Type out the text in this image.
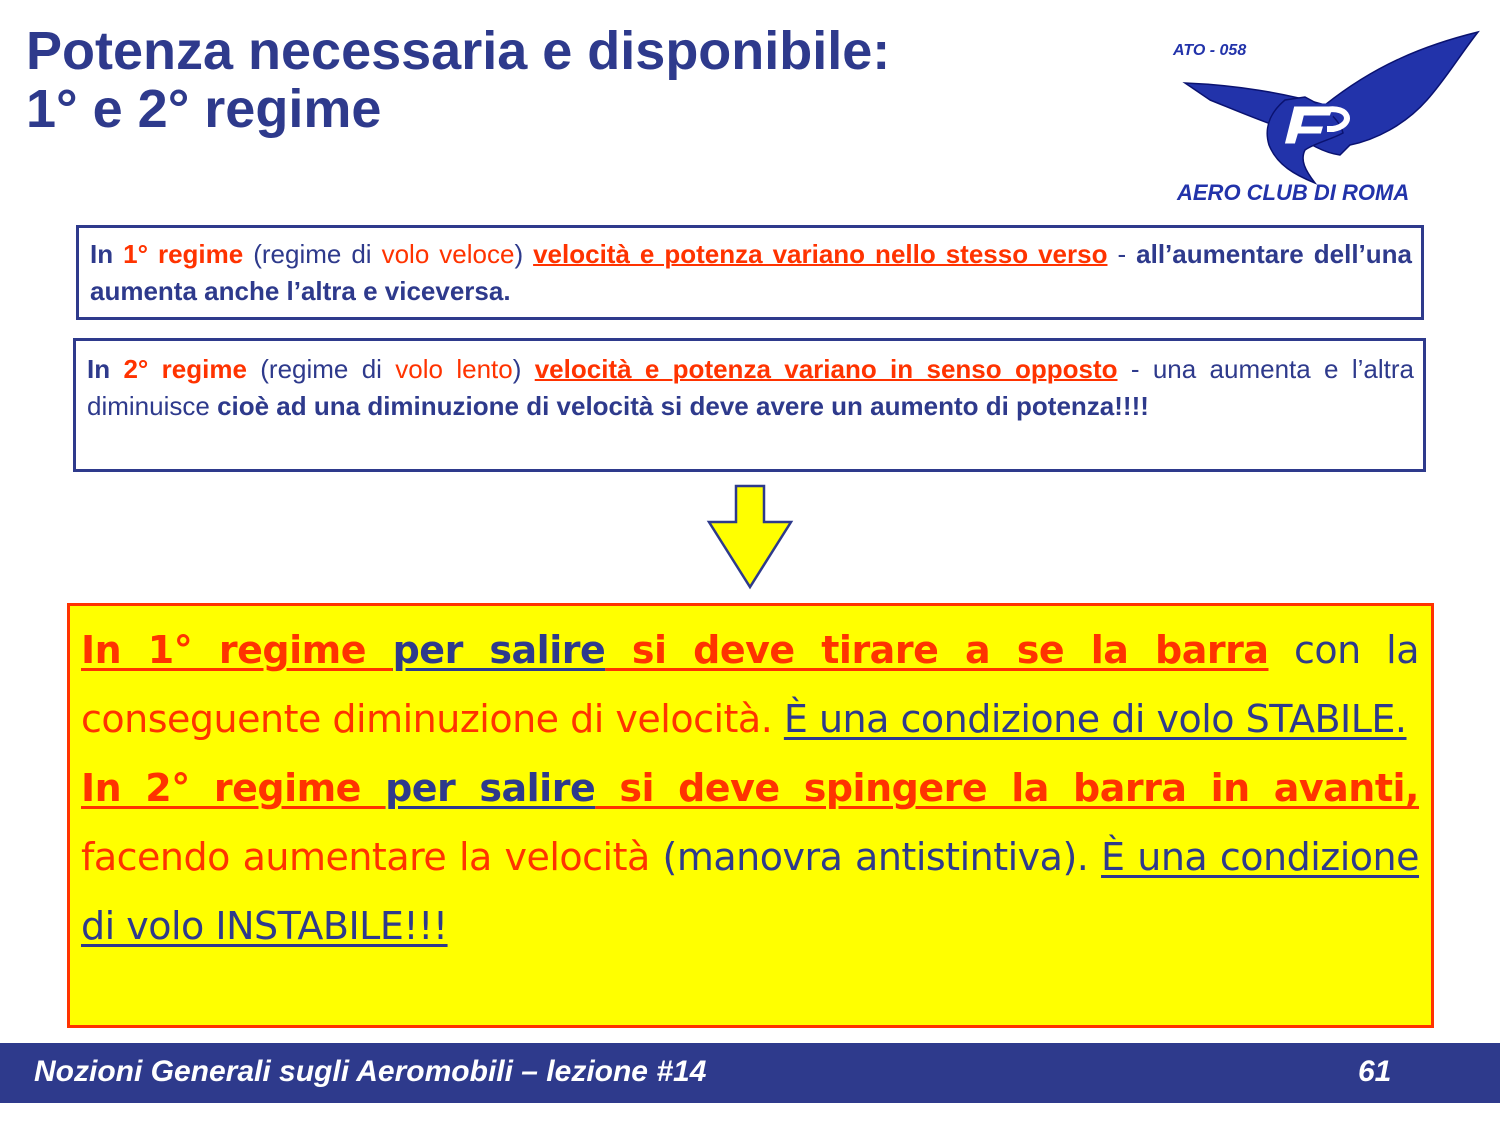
Potenza necessaria e disponibile:
1° e 2° regime
ATO - 058
AERO CLUB DI ROMA
In 1° regime (regime di volo veloce) velocità e potenza variano nello stesso verso - all’aumentare dell’una aumenta anche l’altra e viceversa.
In 2° regime (regime di volo lento) velocità e potenza variano in senso opposto - una aumenta e l’altra diminuisce cioè ad una diminuzione di velocità si deve avere un aumento di potenza!!!!

In 1° regime per salire si deve tirare a se la barra con la conseguente diminuzione di velocità. È una condizione di volo STABILE.

In 2° regime per salire si deve spingere la barra in avanti, facendo aumentare la velocità (manovra antistintiva). È una condizione di volo INSTABILE!!!

Nozioni Generali sugli Aeromobili – lezione #14	61
